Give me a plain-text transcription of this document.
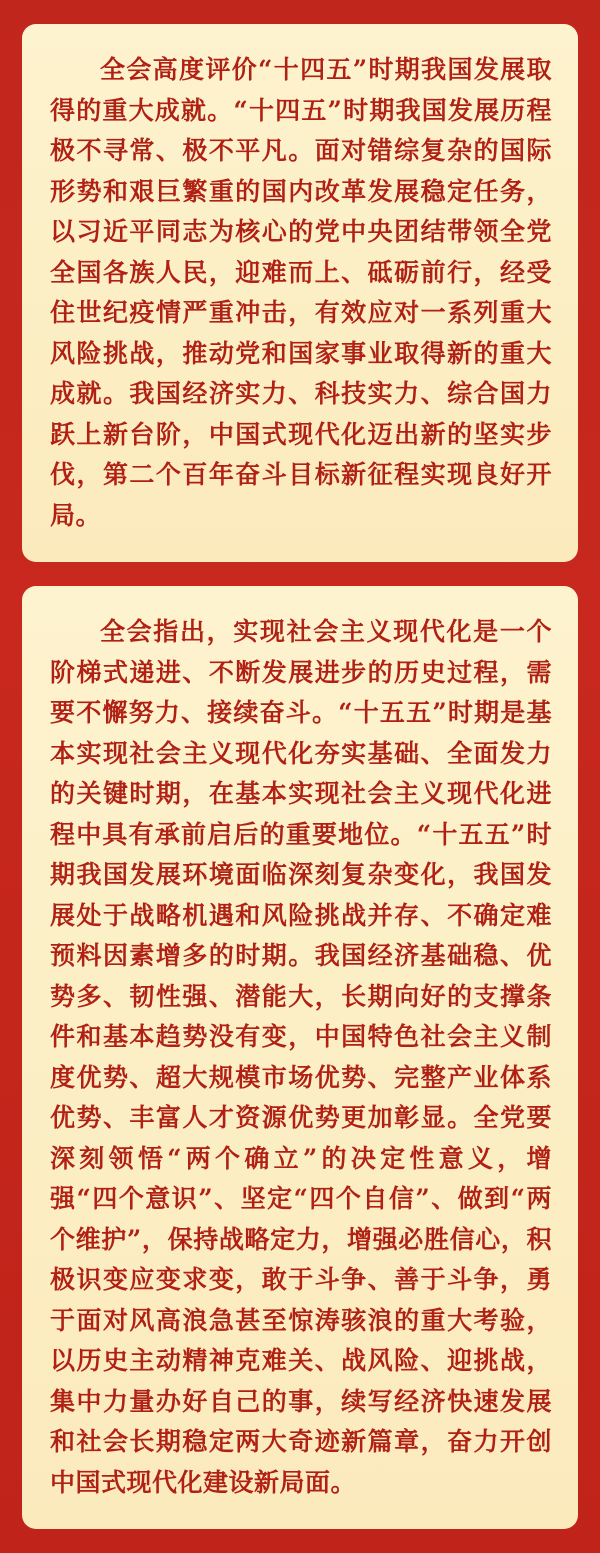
全会高度评价“十四五”时期我国发展取得的重大成就。“十四五”时期我国发展历程极不寻常、极不平凡。面对错综复杂的国际形势和艰巨繁重的国内改革发展稳定任务，以习近平同志为核心的党中央团结带领全党全国各族人民，迎难而上、砥砺前行，经受住世纪疫情严重冲击，有效应对一系列重大风险挑战，推动党和国家事业取得新的重大成就。我国经济实力、科技实力、综合国力跃上新台阶，中国式现代化迈出新的坚实步伐，第二个百年奋斗目标新征程实现良好开局。

全会指出，实现社会主义现代化是一个阶梯式递进、不断发展进步的历史过程，需要不懈努力、接续奋斗。“十五五”时期是基本实现社会主义现代化夯实基础、全面发力的关键时期，在基本实现社会主义现代化进程中具有承前启后的重要地位。“十五五”时期我国发展环境面临深刻复杂变化，我国发展处于战略机遇和风险挑战并存、不确定难预料因素增多的时期。我国经济基础稳、优势多、韧性强、潜能大，长期向好的支撑条件和基本趋势没有变，中国特色社会主义制度优势、超大规模市场优势、完整产业体系优势、丰富人才资源优势更加彰显。全党要深刻领悟“两个确立”的决定性意义，增强“四个意识”、坚定“四个自信”、做到“两个维护”，保持战略定力，增强必胜信心，积极识变应变求变，敢于斗争、善于斗争，勇于面对风高浪急甚至惊涛骇浪的重大考验，以历史主动精神克难关、战风险、迎挑战，集中力量办好自己的事，续写经济快速发展和社会长期稳定两大奇迹新篇章，奋力开创中国式现代化建设新局面。
